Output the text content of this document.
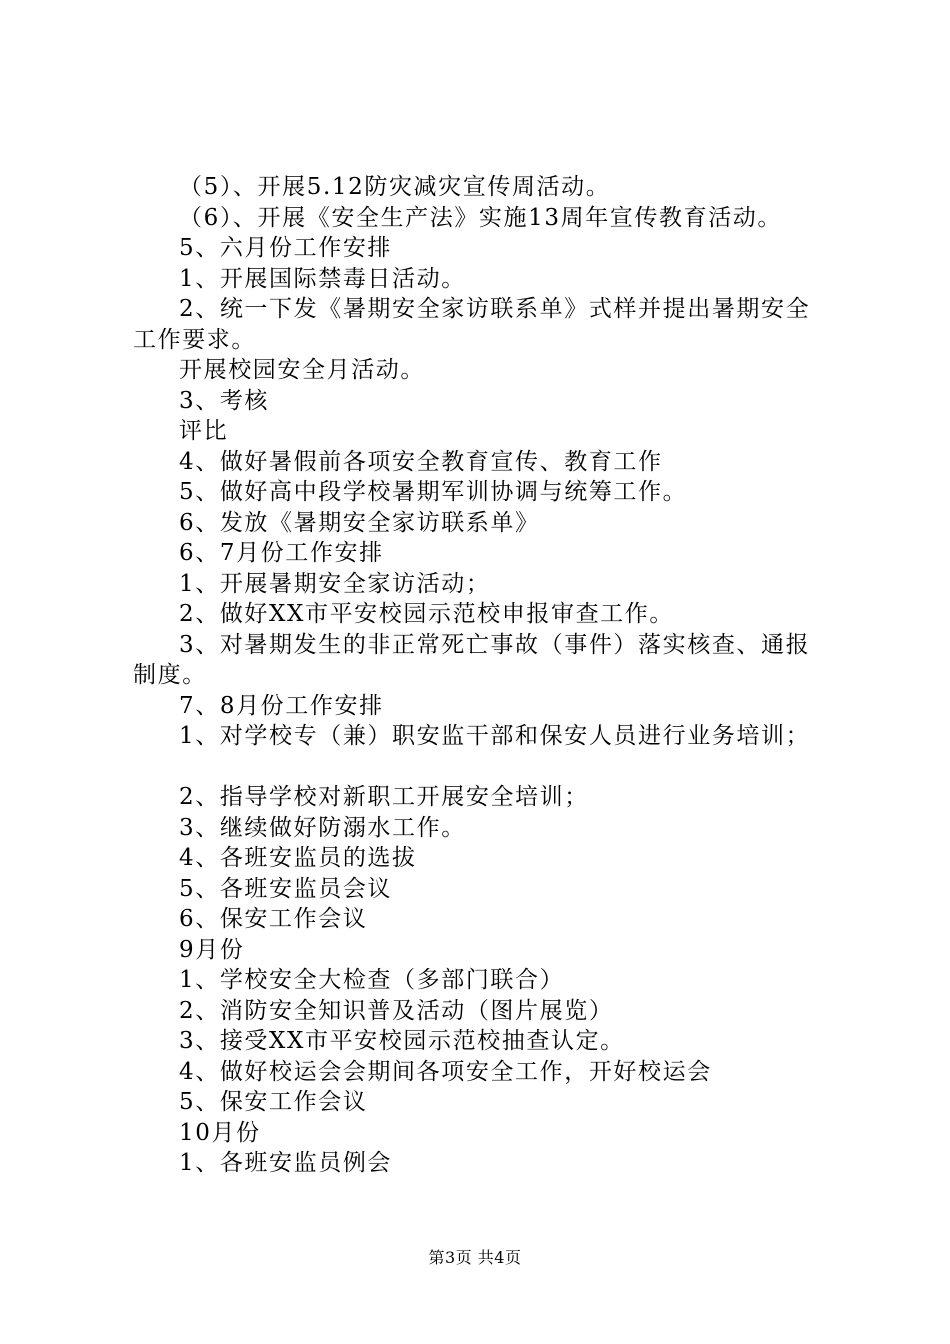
（5）、开展5.12防灾减灾宣传周活动。
（6）、开展《安全生产法》实施13周年宣传教育活动。
5、六月份工作安排
1、开展国际禁毒日活动。
2、统一下发《暑期安全家访联系单》式样并提出暑期安全
工作要求。
开展校园安全月活动。
3、考核
评比
4、做好暑假前各项安全教育宣传、教育工作
5、做好高中段学校暑期军训协调与统筹工作。
6、发放《暑期安全家访联系单》
6、7月份工作安排
1、开展暑期安全家访活动；
2、做好XX市平安校园示范校申报审查工作。
3、对暑期发生的非正常死亡事故（事件）落实核查、通报
制度。
7、8月份工作安排
1、对学校专（兼）职安监干部和保安人员进行业务培训；
2、指导学校对新职工开展安全培训；
3、继续做好防溺水工作。
4、各班安监员的选拔
5、各班安监员会议
6、保安工作会议
9月份
1、学校安全大检查（多部门联合）
2、消防安全知识普及活动（图片展览）
3、接受XX市平安校园示范校抽查认定。
4、做好校运会会期间各项安全工作，开好校运会
5、保安工作会议
10月份
1、各班安监员例会
第3页 共4页
